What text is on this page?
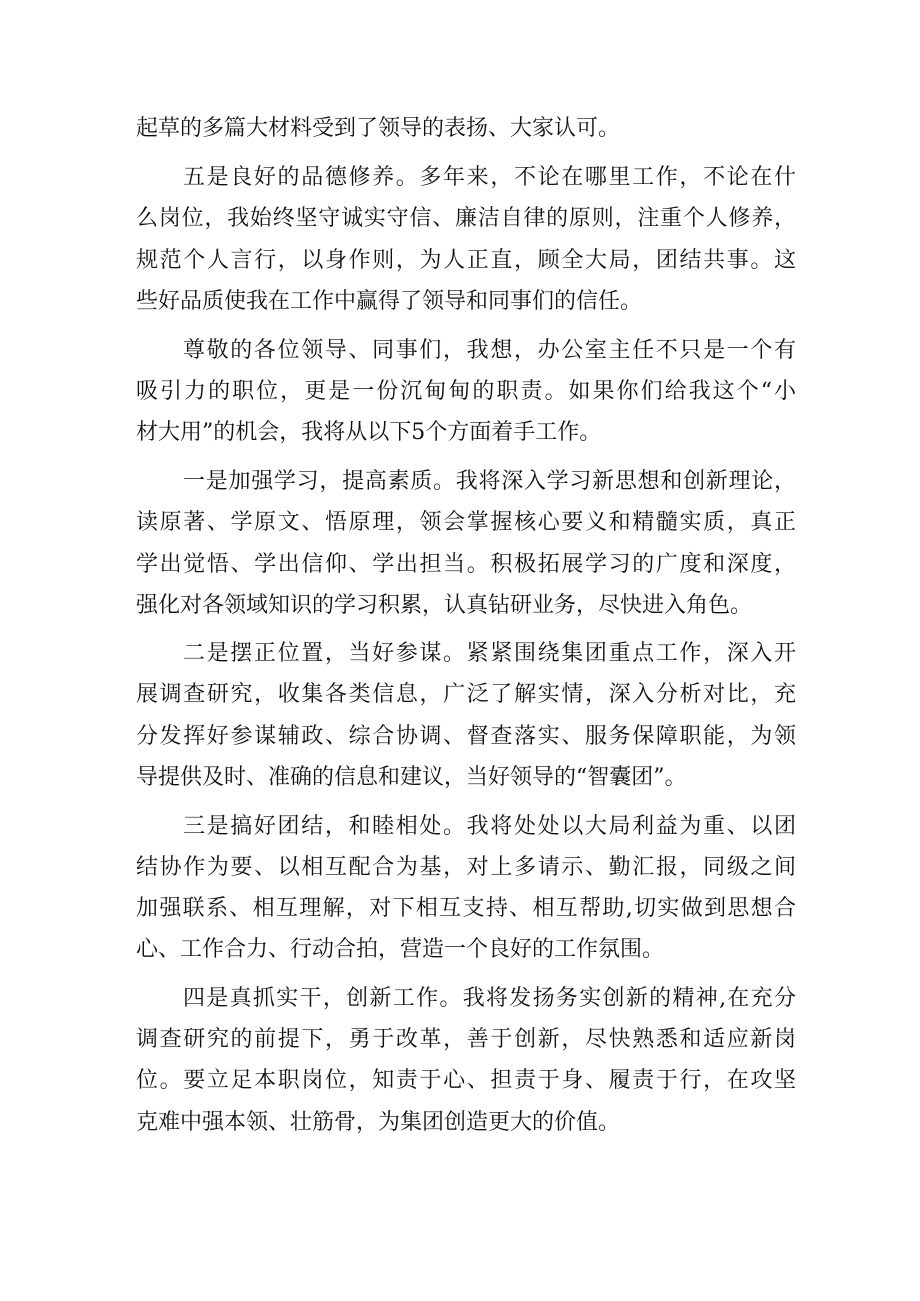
起草的多篇大材料受到了领导的表扬、大家认可。
五是良好的品德修养。多年来，不论在哪里工作，不论在什
么岗位，我始终坚守诚实守信、廉洁自律的原则，注重个人修养，
规范个人言行，以身作则，为人正直，顾全大局，团结共事。这
些好品质使我在工作中赢得了领导和同事们的信任。
尊敬的各位领导、同事们，我想，办公室主任不只是一个有
吸引力的职位，更是一份沉甸甸的职责。如果你们给我这个“小
材大用”的机会，我将从以下5个方面着手工作。
一是加强学习，提高素质。我将深入学习新思想和创新理论，
读原著、学原文、悟原理，领会掌握核心要义和精髓实质，真正
学出觉悟、学出信仰、学出担当。积极拓展学习的广度和深度，
强化对各领域知识的学习积累，认真钻研业务，尽快进入角色。
二是摆正位置，当好参谋。紧紧围绕集团重点工作，深入开
展调查研究，收集各类信息，广泛了解实情，深入分析对比，充
分发挥好参谋辅政、综合协调、督查落实、服务保障职能，为领
导提供及时、准确的信息和建议，当好领导的“智囊团”。
三是搞好团结，和睦相处。我将处处以大局利益为重、以团
结协作为要、以相互配合为基，对上多请示、勤汇报，同级之间
加强联系、相互理解，对下相互支持、相互帮助,切实做到思想合
心、工作合力、行动合拍，营造一个良好的工作氛围。
四是真抓实干，创新工作。我将发扬务实创新的精神,在充分
调查研究的前提下，勇于改革，善于创新，尽快熟悉和适应新岗
位。要立足本职岗位，知责于心、担责于身、履责于行，在攻坚
克难中强本领、壮筋骨，为集团创造更大的价值。
